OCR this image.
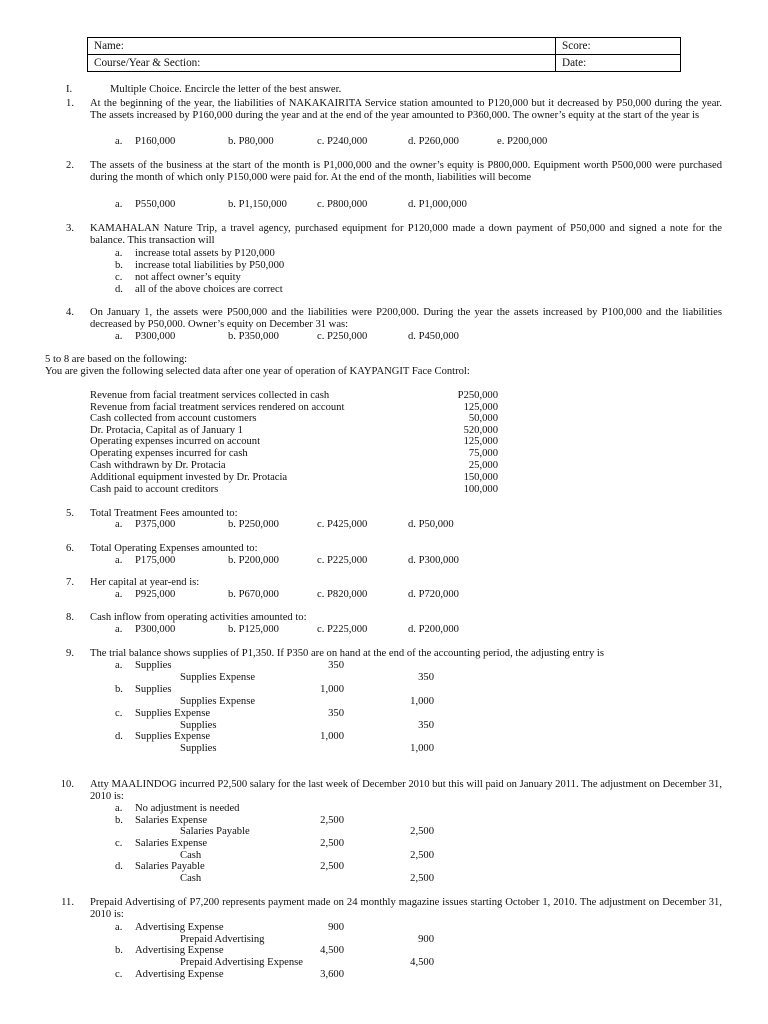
Name:	Score:
Course/Year & Section:	Date:
I.	Multiple Choice. Encircle the letter of the best answer.
1. At the beginning of the year, the liabilities of NAKAKAIRITA Service station amounted to P120,000 but it decreased by P50,000 during the year. The assets increased by P160,000 during the year and at the end of the year amounted to P360,000. The owner’s equity at the start of the year is
a. P160,000	b. P80,000	c. P240,000	d. P260,000	e. P200,000
2. The assets of the business at the start of the month is P1,000,000 and the owner’s equity is P800,000. Equipment worth P500,000 were purchased during the month of which only P150,000 were paid for. At the end of the month, liabilities will become
a. P550,000	b. P1,150,000	c. P800,000	d. P1,000,000
3. KAMAHALAN Nature Trip, a travel agency, purchased equipment for P120,000 made a down payment of P50,000 and signed a note for the balance. This transaction will
a. increase total assets by P120,000
b. increase total liabilities by P50,000
c. not affect owner’s equity
d. all of the above choices are correct
4. On January 1, the assets were P500,000 and the liabilities were P200,000. During the year the assets increased by P100,000 and the liabilities decreased by P50,000. Owner’s equity on December 31 was:
a. P300,000	b. P350,000	c. P250,000	d. P450,000
5 to 8 are based on the following:
You are given the following selected data after one year of operation of KAYPANGIT Face Control:
Revenue from facial treatment services collected in cash	P250,000
Revenue from facial treatment services rendered on account	125,000
Cash collected from account customers	50,000
Dr. Protacia, Capital as of January 1	520,000
Operating expenses incurred on account	125,000
Operating expenses incurred for cash	75,000
Cash withdrawn by Dr. Protacia	25,000
Additional equipment invested by Dr. Protacia	150,000
Cash paid to account creditors	100,000
5. Total Treatment Fees amounted to:
a. P375,000	b. P250,000	c. P425,000	d. P50,000
6. Total Operating Expenses amounted to:
a. P175,000	b. P200,000	c. P225,000	d. P300,000
7. Her capital at year-end is:
a. P925,000	b. P670,000	c. P820,000	d. P720,000
8. Cash inflow from operating activities amounted to:
a. P300,000	b. P125,000	c. P225,000	d. P200,000
9. The trial balance shows supplies of P1,350. If P350 are on hand at the end of the accounting period, the adjusting entry is
a. Supplies	350
Supplies Expense	350
b. Supplies	1,000
Supplies Expense	1,000
c. Supplies Expense	350
Supplies	350
d. Supplies Expense	1,000
Supplies	1,000
10. Atty MAALINDOG incurred P2,500 salary for the last week of December 2010 but this will paid on January 2011. The adjustment on December 31, 2010 is:
a. No adjustment is needed
b. Salaries Expense	2,500
Salaries Payable	2,500
c. Salaries Expense	2,500
Cash	2,500
d. Salaries Payable	2,500
Cash	2,500
11. Prepaid Advertising of P7,200 represents payment made on 24 monthly magazine issues starting October 1, 2010. The adjustment on December 31, 2010 is:
a. Advertising Expense	900
Prepaid Advertising	900
b. Advertising Expense	4,500
Prepaid Advertising Expense	4,500
c. Advertising Expense	3,600
